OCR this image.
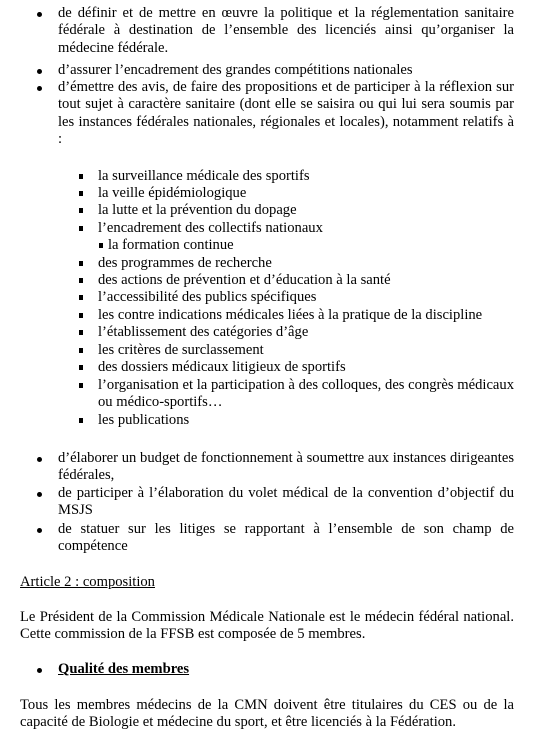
de définir et de mettre en œuvre la politique et la réglementation sanitaire fédérale à destination de l’ensemble des licenciés ainsi qu’organiser la médecine fédérale.
d’assurer l’encadrement des grandes compétitions nationales
d’émettre des avis, de faire des propositions et de participer à la réflexion sur tout sujet à caractère sanitaire (dont elle se saisira ou qui lui sera soumis par les instances fédérales nationales, régionales et locales), notamment relatifs à :
la surveillance médicale des sportifs
la veille épidémiologique
la lutte et la prévention du dopage
l’encadrement des collectifs nationaux
la formation continue
des programmes de recherche
des actions de prévention et d’éducation à la santé
l’accessibilité des publics spécifiques
les contre indications médicales liées à la pratique de la discipline
l’établissement des catégories d’âge
les critères de surclassement
des dossiers médicaux litigieux de sportifs
l’organisation et la participation à des colloques, des congrès médicaux ou médico-sportifs…
les publications
d’élaborer un budget de fonctionnement à soumettre aux instances dirigeantes fédérales,
de participer à l’élaboration du volet médical de la convention d’objectif du MSJS
de statuer sur les litiges se rapportant à l’ensemble de son champ de compétence
Article 2 : composition
Le Président de la Commission Médicale Nationale est le médecin fédéral national. Cette commission de la FFSB est composée de 5 membres.
Qualité des membres
Tous les membres médecins de la CMN doivent être titulaires du CES ou de la capacité de Biologie et médecine du sport, et être licenciés à la Fédération.
